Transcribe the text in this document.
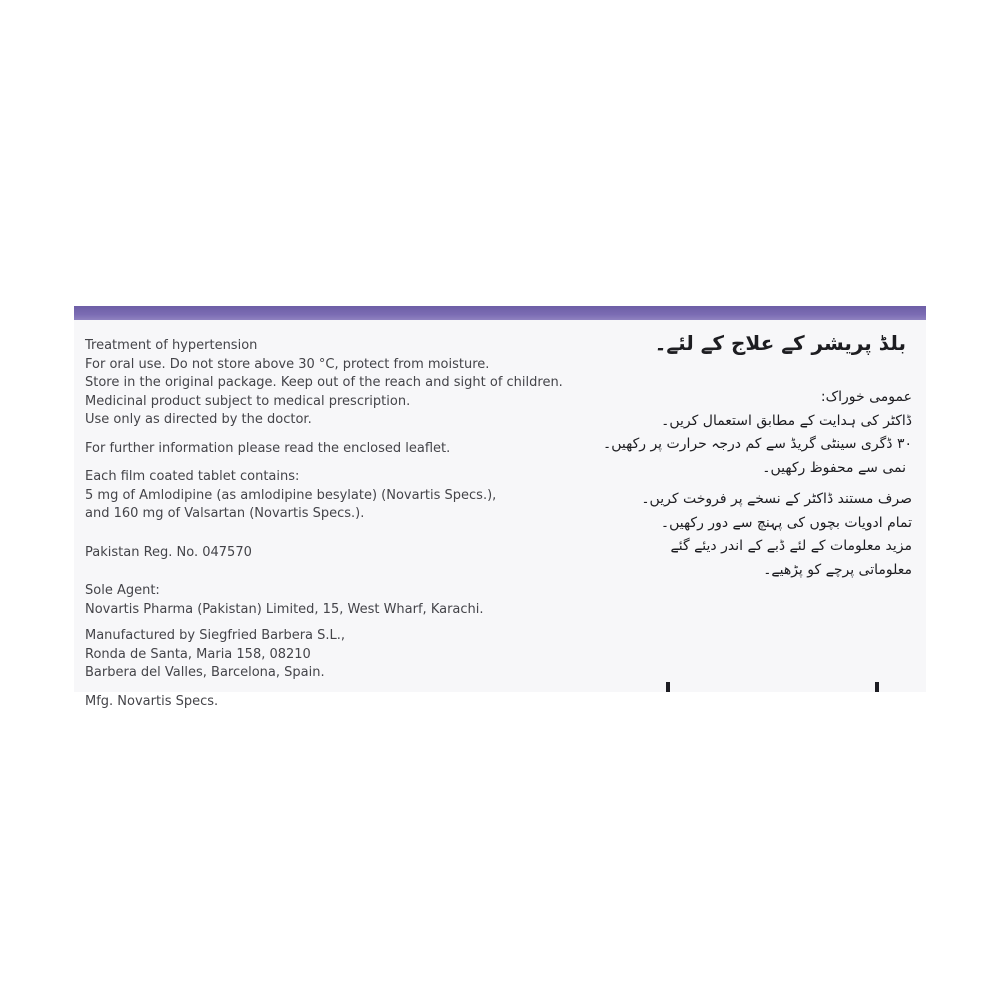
Treatment of hypertension
For oral use. Do not store above 30 °C, protect from moisture.
Store in the original package. Keep out of the reach and sight of children.
Medicinal product subject to medical prescription.
Use only as directed by the doctor.
For further information please read the enclosed leaflet.
Each film coated tablet contains:
5 mg of Amlodipine (as amlodipine besylate) (Novartis Specs.),
and 160 mg of Valsartan (Novartis Specs.).
Pakistan Reg. No. 047570
Sole Agent:
Novartis Pharma (Pakistan) Limited, 15, West Wharf, Karachi.
Manufactured by Siegfried Barbera S.L.,
Ronda de Santa, Maria 158, 08210
Barbera del Valles, Barcelona, Spain.
Mfg. Novartis Specs.
بلڈ پریشر کے علاج کے لئے۔
عمومی خوراک:
ڈاکٹر کی ہدایت کے مطابق استعمال کریں۔
۳۰ ڈگری سینٹی گریڈ سے کم درجہ حرارت پر رکھیں۔
نمی سے محفوظ رکھیں۔
صرف مستند ڈاکٹر کے نسخے پر فروخت کریں۔
تمام ادویات بچوں کی پہنچ سے دور رکھیں۔
مزید معلومات کے لئے ڈبے کے اندر دیئے گئے
معلوماتی پرچے کو پڑھیے۔
